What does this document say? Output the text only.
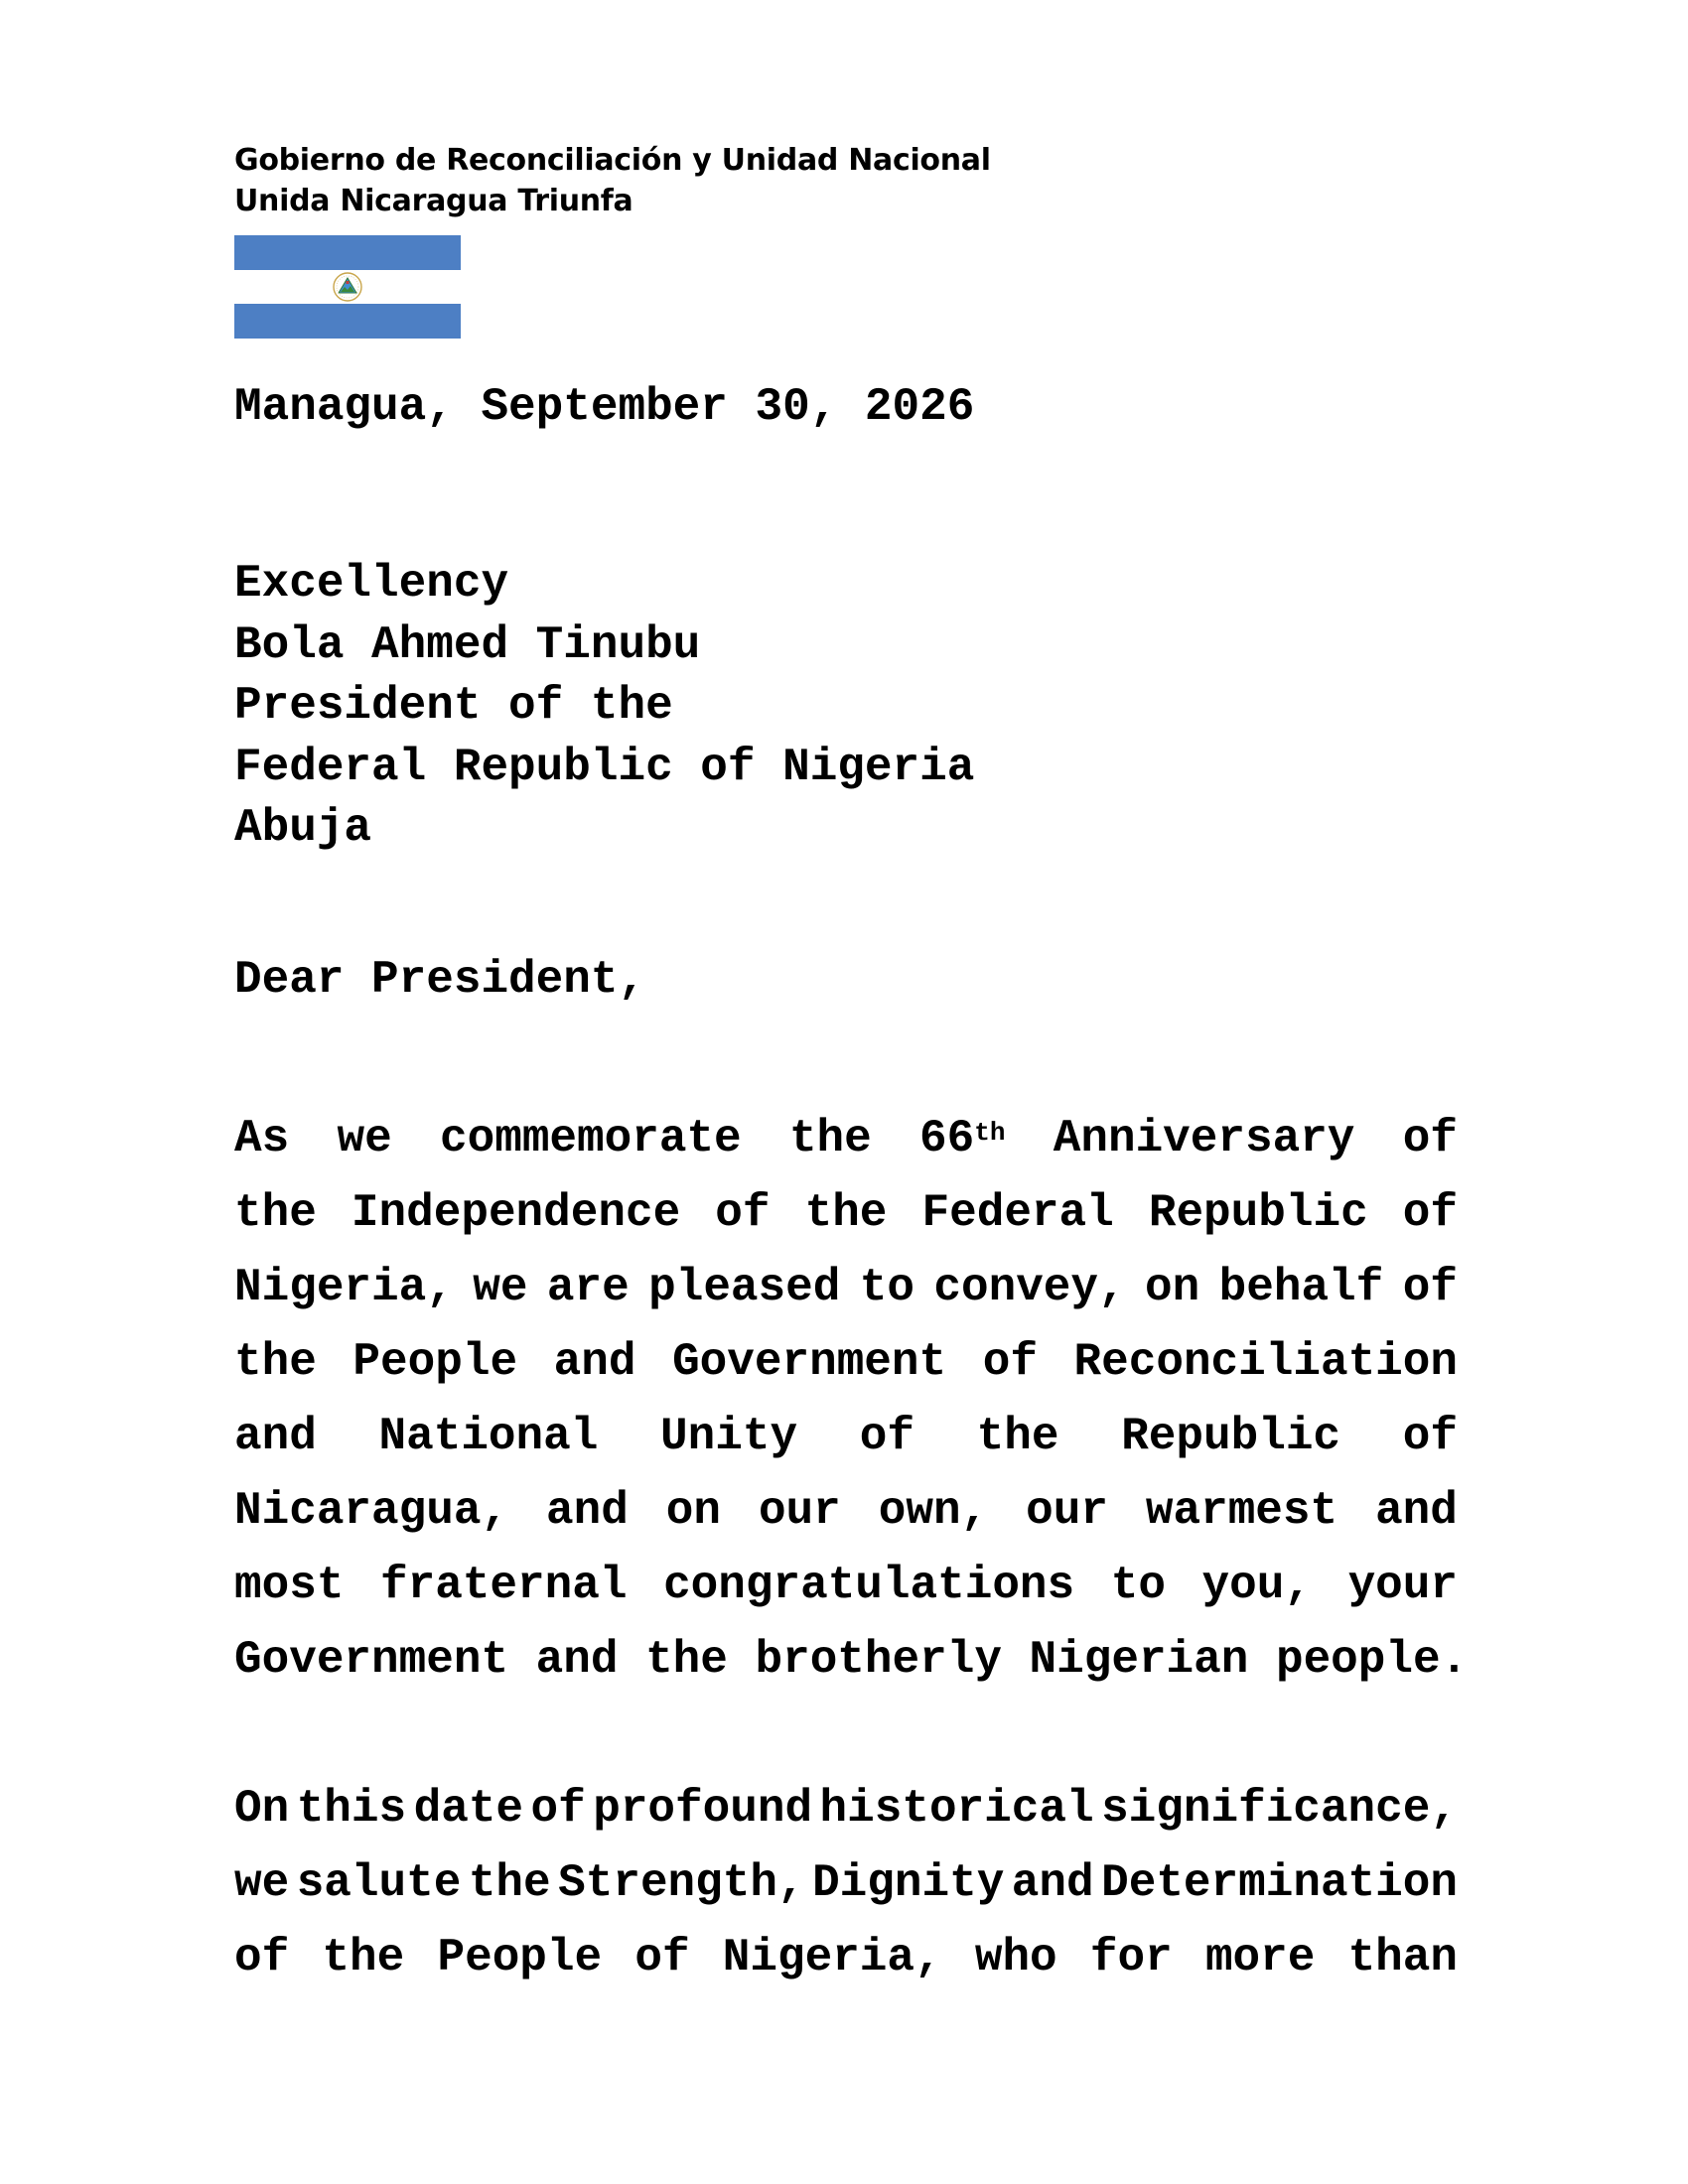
Gobierno de Reconciliación y Unidad Nacional
Unida Nicaragua Triunfa
Managua, September 30, 2026
Excellency
Bola Ahmed Tinubu
President of the
Federal Republic of Nigeria
Abuja
Dear President,
As we commemorate the 66th Anniversary of
the Independence of the Federal Republic of
Nigeria, we are pleased to convey, on behalf of
the People and Government of Reconciliation
and National Unity of the Republic of
Nicaragua, and on our own, our warmest and
most fraternal congratulations to you, your
Government and the brotherly Nigerian people.
On this date of profound historical significance,
we salute the Strength, Dignity and Determination
of the People of Nigeria, who for more than
